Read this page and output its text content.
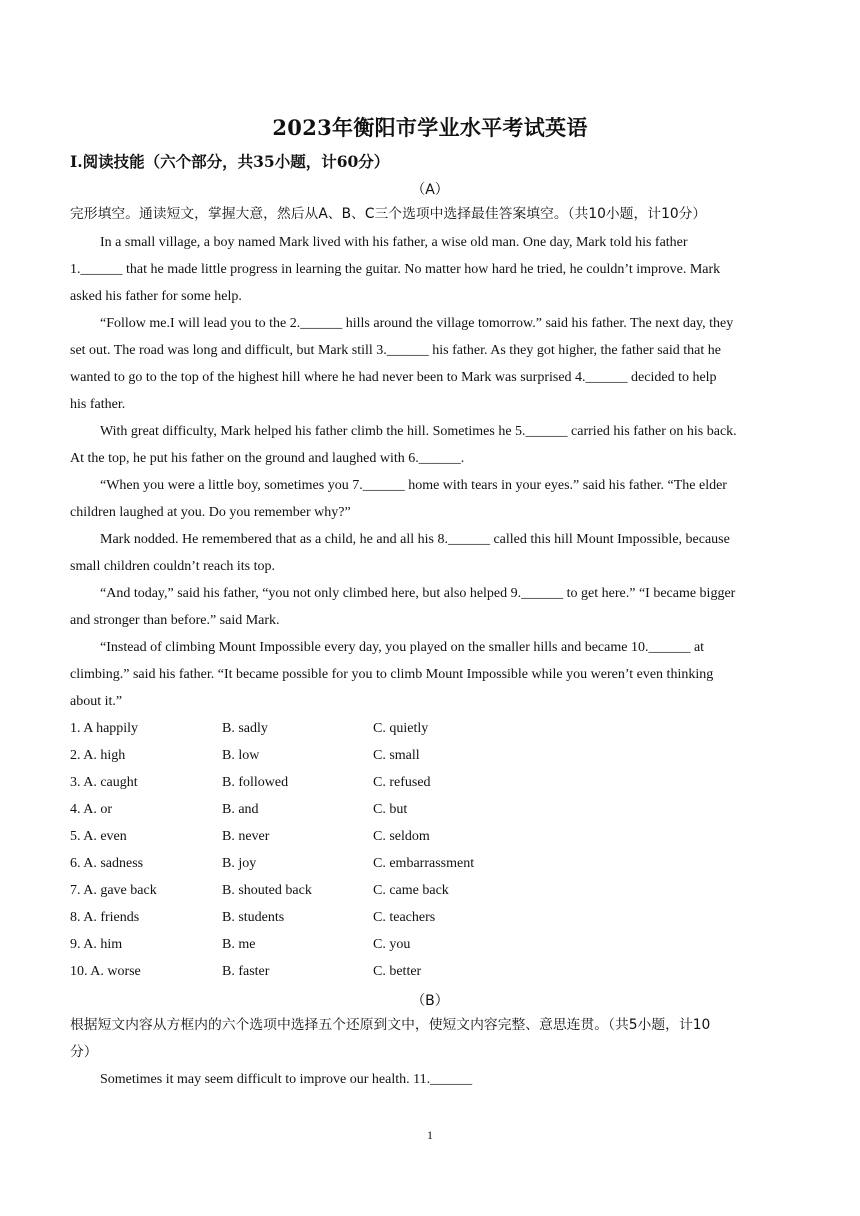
2023年衡阳市学业水平考试英语
I.阅读技能（六个部分，共35小题，计60分）
（A）
完形填空。通读短文，掌握大意，然后从A、B、C三个选项中选择最佳答案填空。（共10小题，计10分）
In a small village, a boy named Mark lived with his father, a wise old man. One day, Mark told his father
1.______ that he made little progress in learning the guitar. No matter how hard he tried, he couldn’t improve. Mark
asked his father for some help.
“Follow me.I will lead you to the 2.______ hills around the village tomorrow.” said his father. The next day, they
set out. The road was long and difficult, but Mark still 3.______ his father. As they got higher, the father said that he
wanted to go to the top of the highest hill where he had never been to Mark was surprised 4.______ decided to help
his father.
With great difficulty, Mark helped his father climb the hill. Sometimes he 5.______ carried his father on his back.
At the top, he put his father on the ground and laughed with 6.______.
“When you were a little boy, sometimes you 7.______ home with tears in your eyes.” said his father. “The elder
children laughed at you. Do you remember why?”
Mark nodded. He remembered that as a child, he and all his 8.______ called this hill Mount Impossible, because
small children couldn’t reach its top.
“And today,” said his father, “you not only climbed here, but also helped 9.______ to get here.” “I became bigger
and stronger than before.” said Mark.
“Instead of climbing Mount Impossible every day, you played on the smaller hills and became 10.______ at
climbing.” said his father. “It became possible for you to climb Mount Impossible while you weren’t even thinking
about it.”
1. A happily	B. sadly	C. quietly
2. A. high	B. low	C. small
3. A. caught	B. followed	C. refused
4. A. or	B. and	C. but
5. A. even	B. never	C. seldom
6. A. sadness	B. joy	C. embarrassment
7. A. gave back	B. shouted back	C. came back
8. A. friends	B. students	C. teachers
9. A. him	B. me	C. you
10. A. worse	B. faster	C. better
（B）
根据短文内容从方框内的六个选项中选择五个还原到文中，使短文内容完整、意思连贯。（共5小题，计10
分）
Sometimes it may seem difficult to improve our health. 11.______
1
